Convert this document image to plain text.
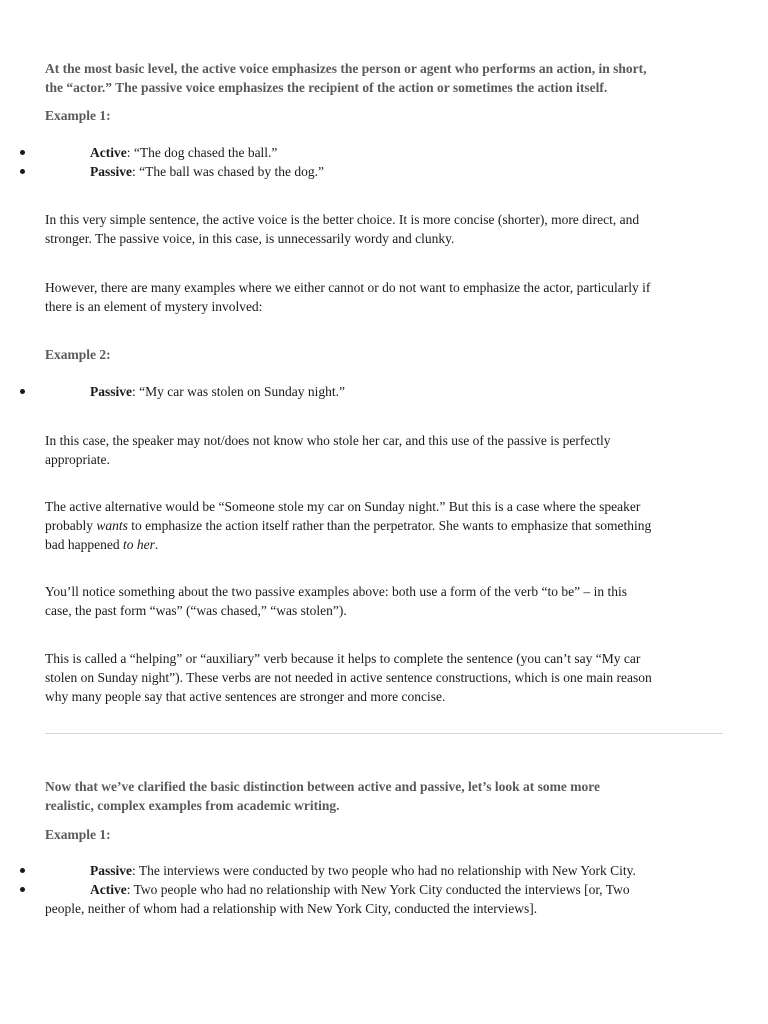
At the most basic level, the active voice emphasizes the person or agent who performs an action, in short,
the “actor.” The passive voice emphasizes the recipient of the action or sometimes the action itself.
Example 1:
Active: “The dog chased the ball.”
Passive: “The ball was chased by the dog.”
In this very simple sentence, the active voice is the better choice. It is more concise (shorter), more direct, and
stronger. The passive voice, in this case, is unnecessarily wordy and clunky.
However, there are many examples where we either cannot or do not want to emphasize the actor, particularly if
there is an element of mystery involved:
Example 2:
Passive: “My car was stolen on Sunday night.”
In this case, the speaker may not/does not know who stole her car, and this use of the passive is perfectly
appropriate.
The active alternative would be “Someone stole my car on Sunday night.” But this is a case where the speaker
probably wants to emphasize the action itself rather than the perpetrator. She wants to emphasize that something
bad happened to her.
You’ll notice something about the two passive examples above: both use a form of the verb “to be” – in this
case, the past form “was” (“was chased,” “was stolen”).
This is called a “helping” or “auxiliary” verb because it helps to complete the sentence (you can’t say “My car
stolen on Sunday night”). These verbs are not needed in active sentence constructions, which is one main reason
why many people say that active sentences are stronger and more concise.
Now that we’ve clarified the basic distinction between active and passive, let’s look at some more
realistic, complex examples from academic writing.
Example 1:
Passive: The interviews were conducted by two people who had no relationship with New York City.
Active: Two people who had no relationship with New York City conducted the interviews [or, Two
people, neither of whom had a relationship with New York City, conducted the interviews].
